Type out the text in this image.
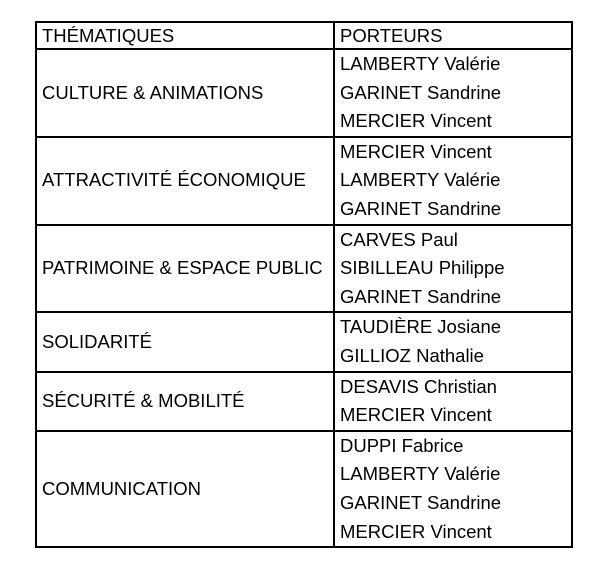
THÉMATIQUES	PORTEURS
CULTURE & ANIMATIONS	LAMBERTY Valérie
GARINET Sandrine
MERCIER Vincent

ATTRACTIVITÉ ÉCONOMIQUE	MERCIER Vincent
LAMBERTY Valérie
GARINET Sandrine

PATRIMOINE & ESPACE PUBLIC	CARVES Paul
SIBILLEAU Philippe
GARINET Sandrine

SOLIDARITÉ	TAUDIÈRE Josiane
GILLIOZ Nathalie

SÉCURITÉ & MOBILITÉ	DESAVIS Christian
MERCIER Vincent

COMMUNICATION	DUPPI Fabrice
LAMBERTY Valérie
GARINET Sandrine
MERCIER Vincent
